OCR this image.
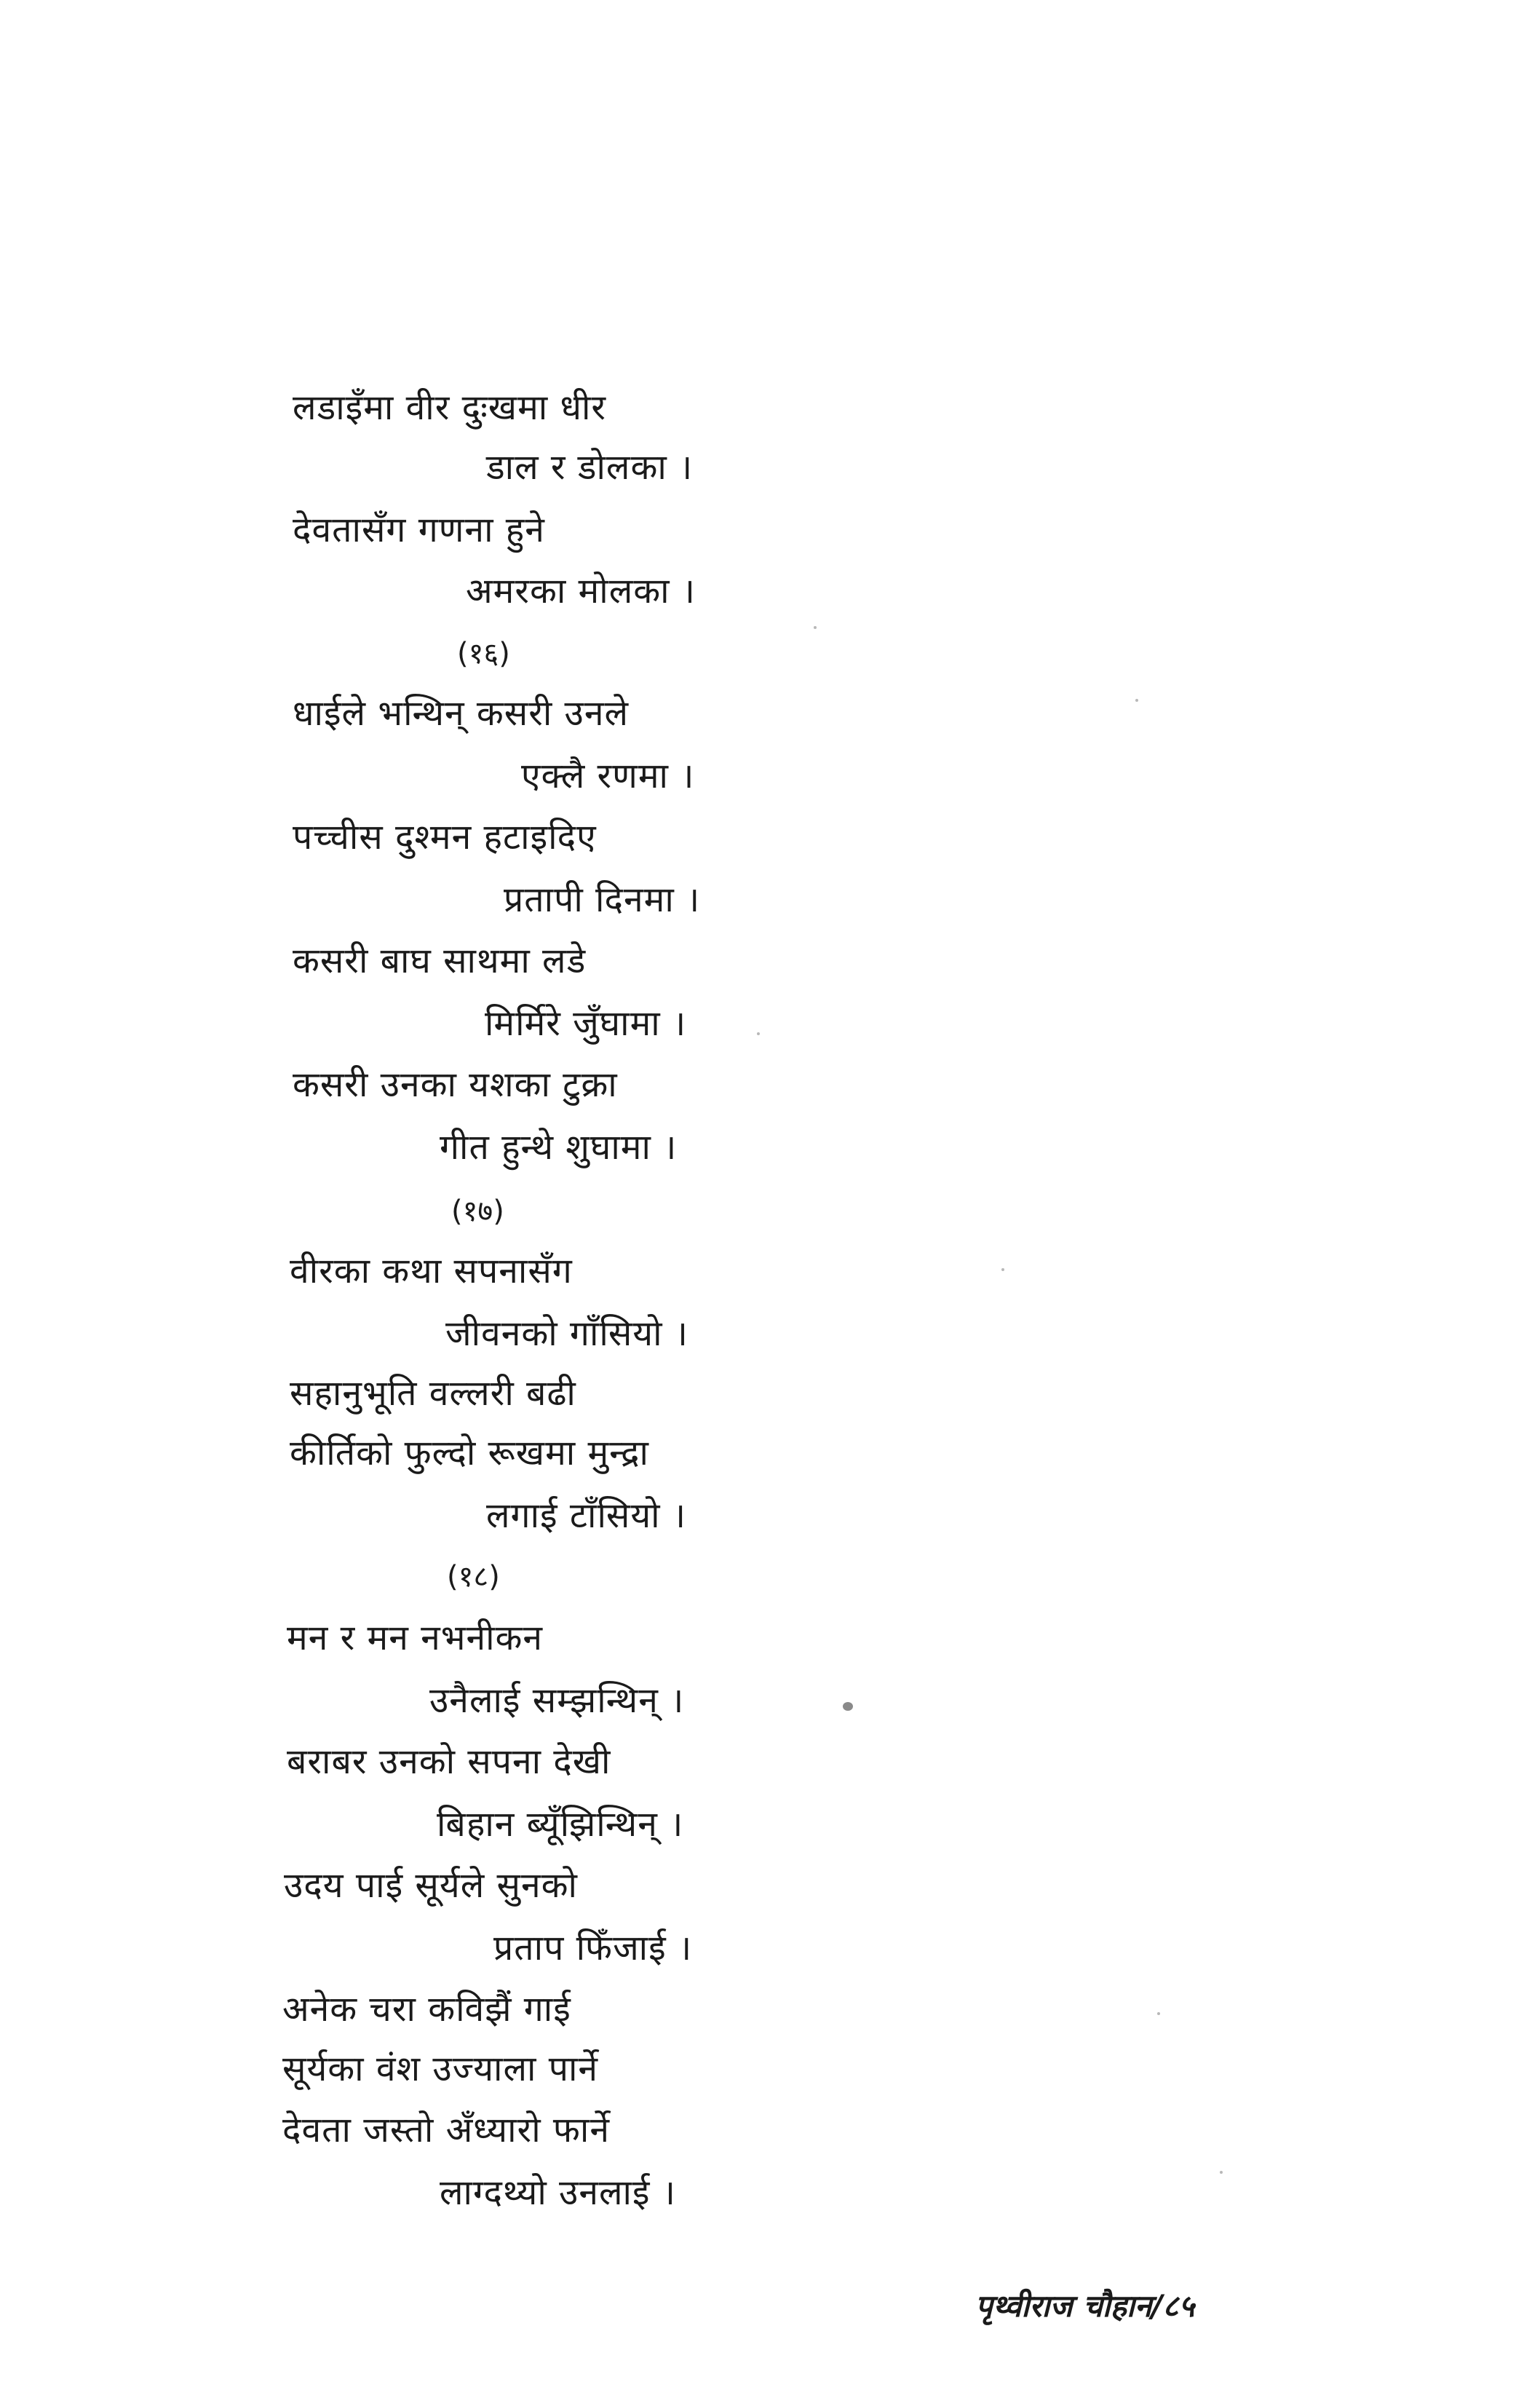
लडाइँमा वीर दुःखमा धीर
डाल र डोलका ।
देवतासँग गणना हुने
अमरका मोलका ।
(१६)
धाईले भन्थिन् कसरी उनले
एक्लै रणमा ।
पच्चीस दुश्मन हटाइदिए
प्रतापी दिनमा ।
कसरी बाघ साथमा लडे
मिर्मिरे जुँघामा ।
कसरी उनका यशका टुक्रा
गीत हुन्थे शुघामा ।
(१७)
वीरका कथा सपनासँग
जीवनको गाँसियो ।
सहानुभूति वल्लरी बढी
कीर्तिको फुल्दो रूखमा मुन्द्रा
लगाई टाँसियो ।
(१८)
मन र मन नभनीकन
उनैलाई सम्झन्थिन् ।
बराबर उनको सपना देखी
बिहान ब्यूँझिन्थिन् ।
उदय पाई सूर्यले सुनको
प्रताप फिँजाई ।
अनेक चरा कविझैं गाई
सूर्यका वंश उज्याला पार्ने
देवता जस्तो अँध्यारो फार्ने
लाग्दथ्यो उनलाई ।
पृथ्वीराज चौहान/८५
